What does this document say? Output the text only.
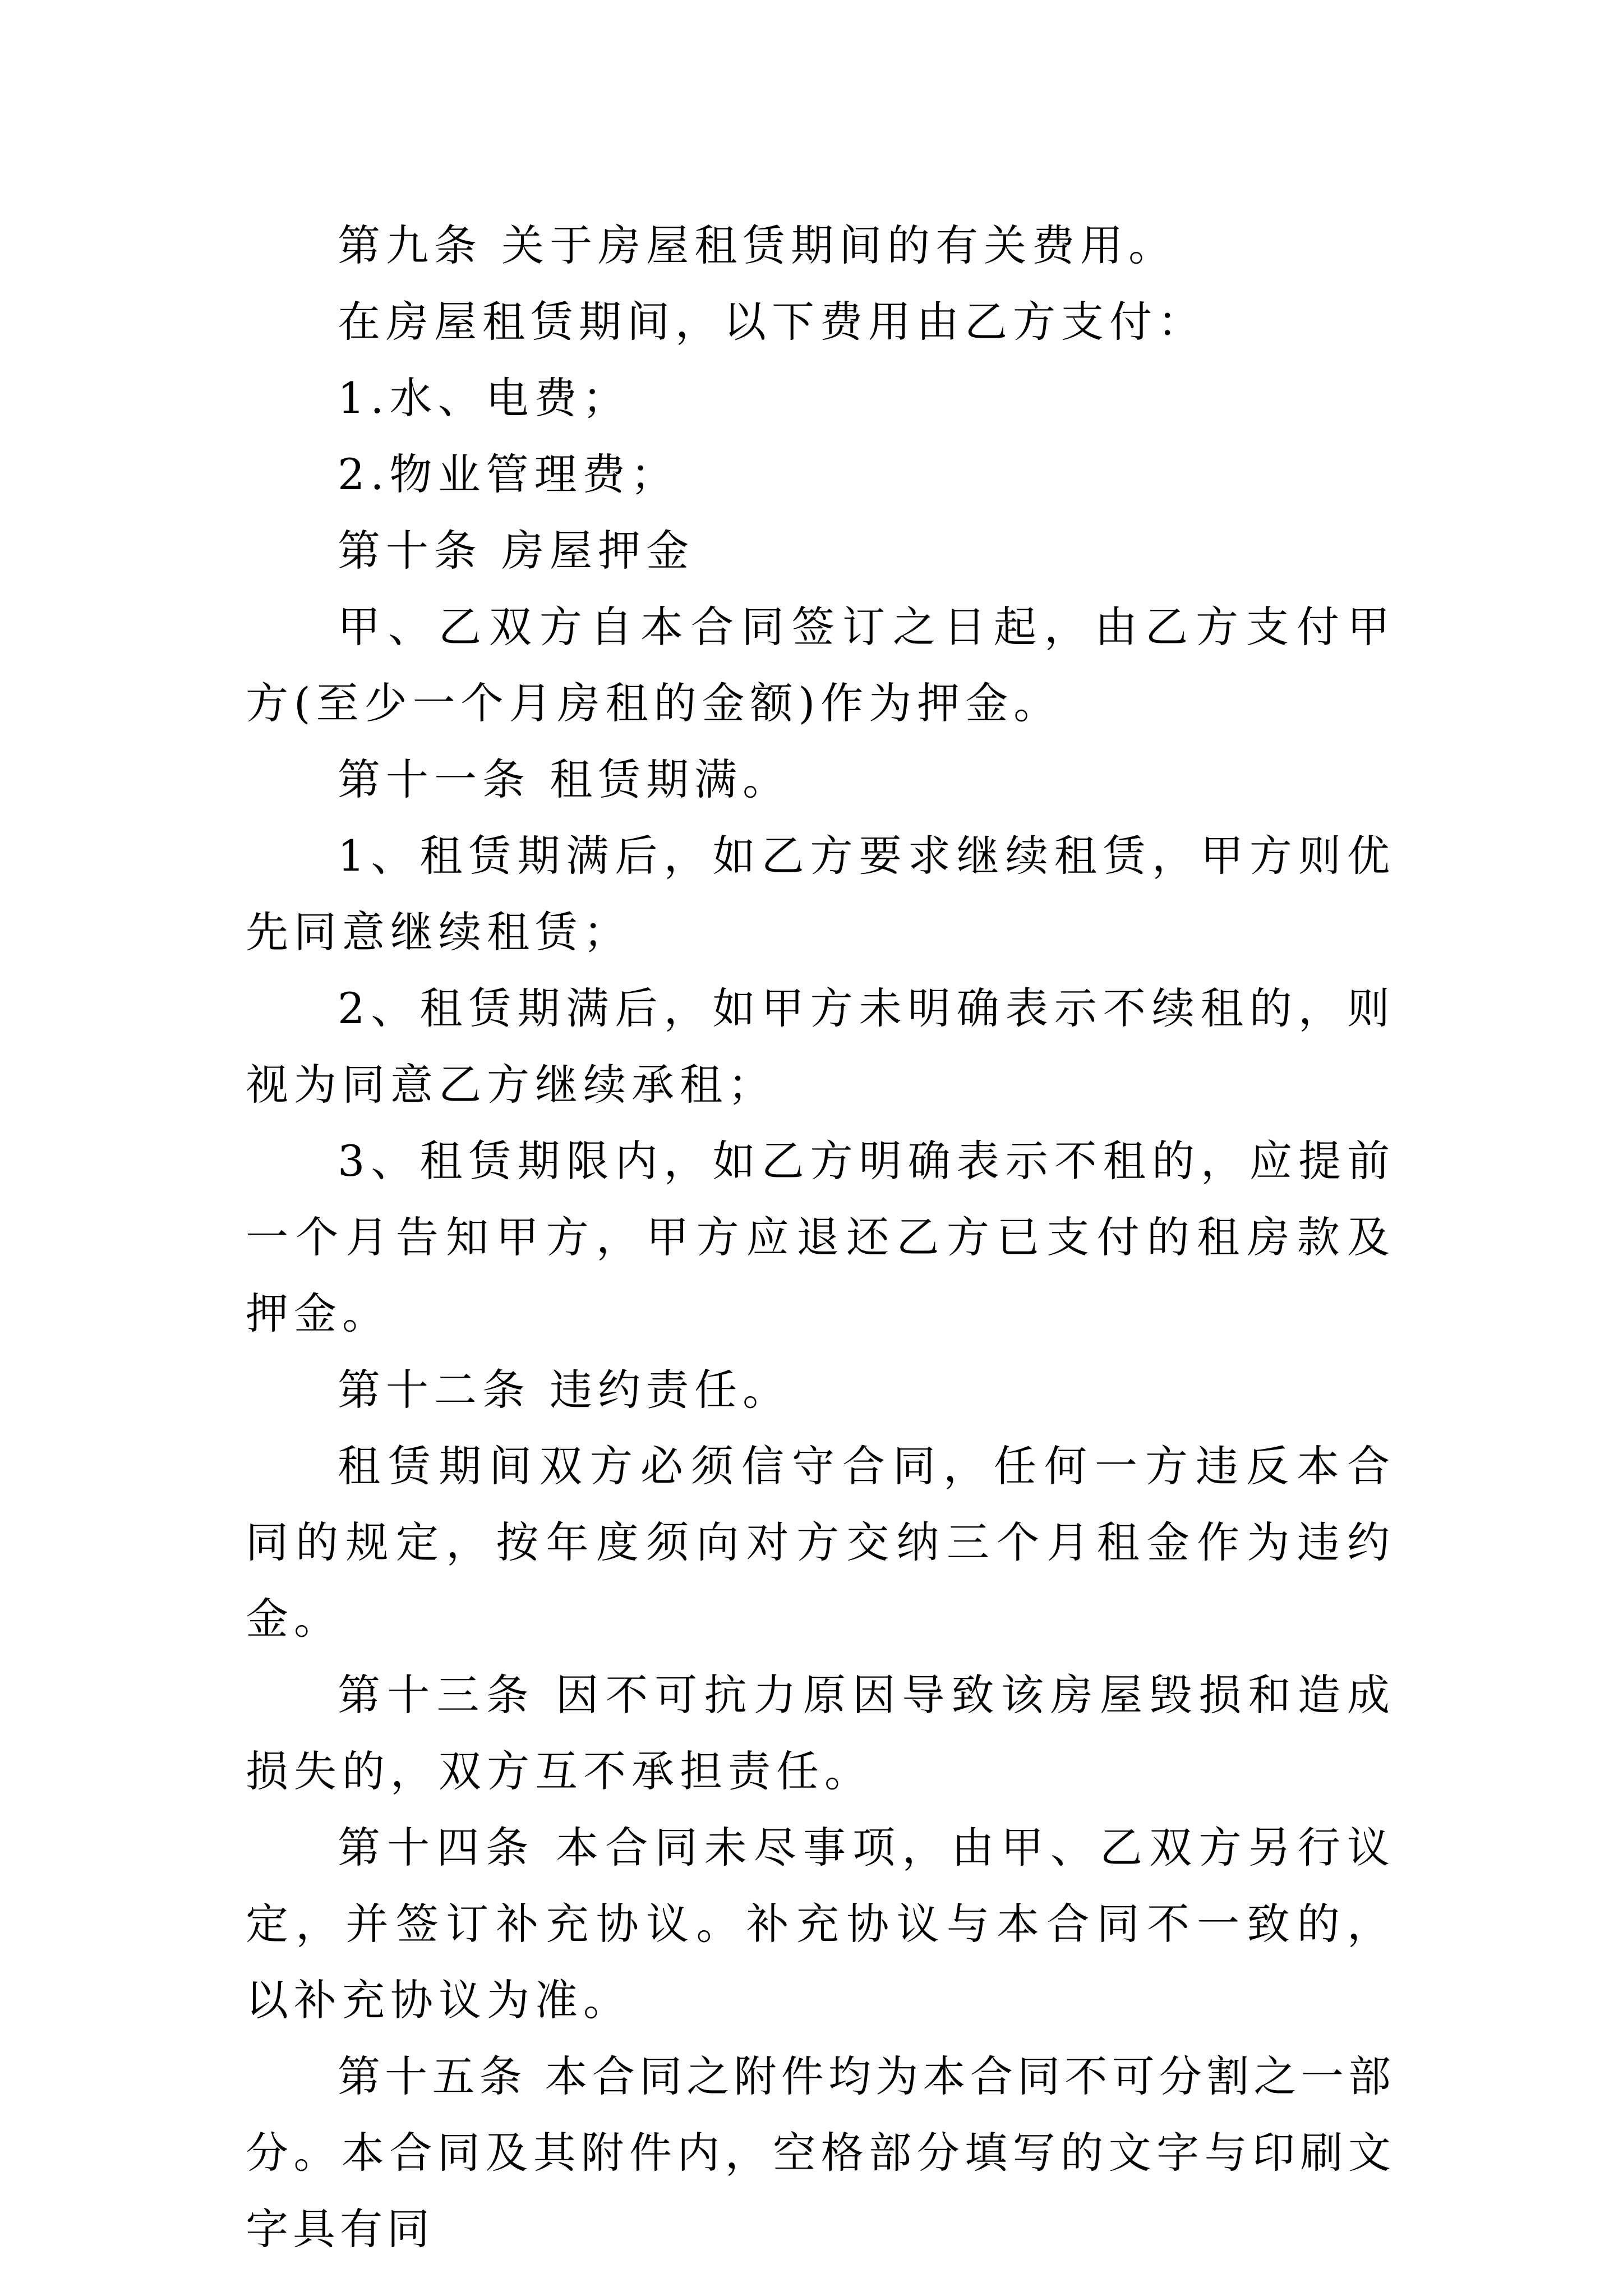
第九条 关于房屋租赁期间的有关费用。

在房屋租赁期间，以下费用由乙方支付：

1.水、电费；

2.物业管理费；

第十条 房屋押金

甲、乙双方自本合同签订之日起，由乙方支付甲方(至少一个月房租的金额)作为押金。

第十一条 租赁期满。

1、租赁期满后，如乙方要求继续租赁，甲方则优先同意继续租赁；

2、租赁期满后，如甲方未明确表示不续租的，则视为同意乙方继续承租；

3、租赁期限内，如乙方明确表示不租的，应提前一个月告知甲方，甲方应退还乙方已支付的租房款及押金。

第十二条 违约责任。

租赁期间双方必须信守合同，任何一方违反本合同的规定，按年度须向对方交纳三个月租金作为违约金。

第十三条 因不可抗力原因导致该房屋毁损和造成损失的，双方互不承担责任。

第十四条 本合同未尽事项，由甲、乙双方另行议定，并签订补充协议。补充协议与本合同不一致的，以补充协议为准。

第十五条 本合同之附件均为本合同不可分割之一部分。本合同及其附件内，空格部分填写的文字与印刷文字具有同
